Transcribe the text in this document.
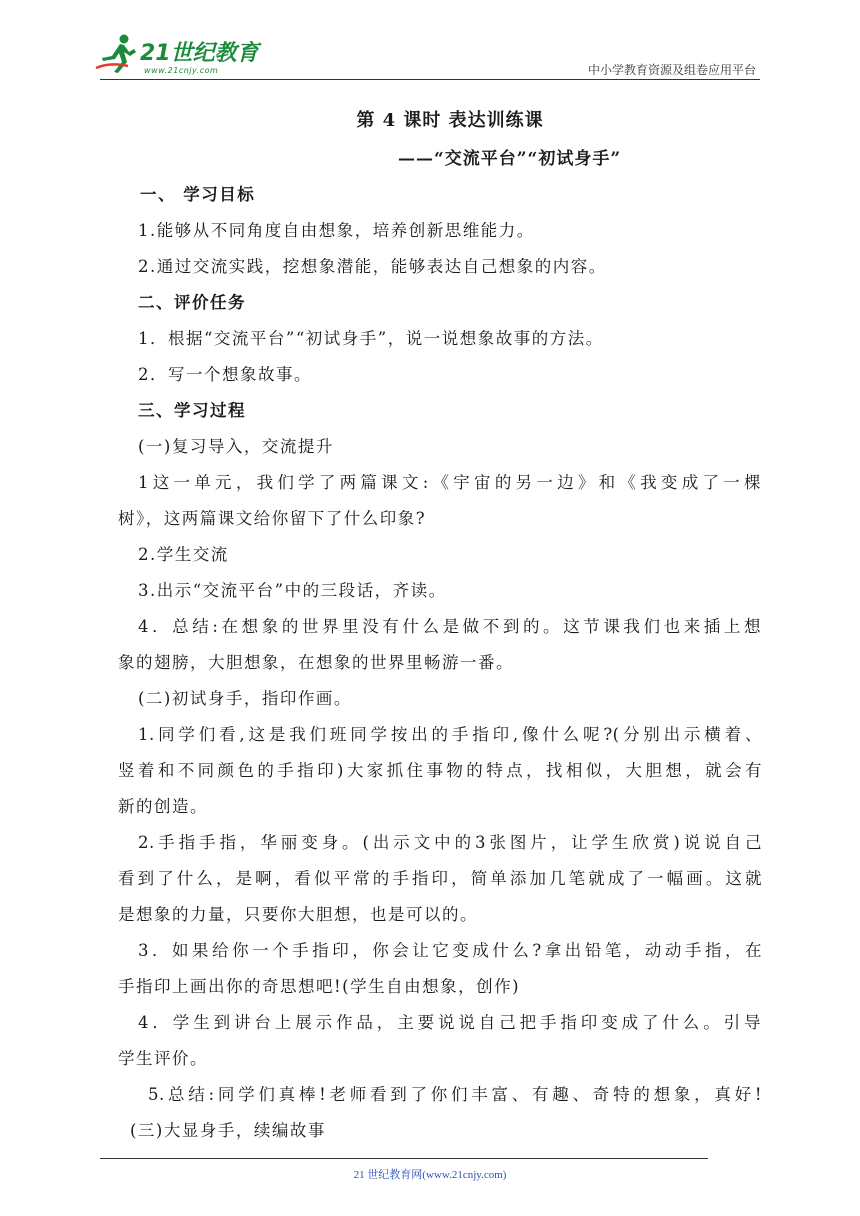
21世纪教育
www.21cnjy.com	中小学教育资源及组卷应用平台
第 4 课时 表达训练课
——“交流平台”“初试身手”
一、 学习目标
1.能够从不同角度自由想象，培养创新思维能力。
2.通过交流实践，挖想象潜能，能够表达自己想象的内容。
二、评价任务
1．根据“交流平台”“初试身手”，说一说想象故事的方法。
2．写一个想象故事。
三、学习过程
(一)复习导入，交流提升
1这一单元，我们学了两篇课文:《宇宙的另一边》和《我变成了一棵
树》，这两篇课文给你留下了什么印象?
2.学生交流
3.出示“交流平台”中的三段话，齐读。
4．总结:在想象的世界里没有什么是做不到的。这节课我们也来插上想
象的翅膀，大胆想象，在想象的世界里畅游一番。
(二)初试身手，指印作画。
1.同学们看,这是我们班同学按出的手指印,像什么呢?(分别出示横着、
竖着和不同颜色的手指印)大家抓住事物的特点，找相似，大胆想，就会有
新的创造。
2.手指手指，华丽变身。(出示文中的3张图片，让学生欣赏)说说自己
看到了什么，是啊，看似平常的手指印，简单添加几笔就成了一幅画。这就
是想象的力量，只要你大胆想，也是可以的。
3．如果给你一个手指印，你会让它变成什么?拿出铅笔，动动手指，在
手指印上画出你的奇思想吧!(学生自由想象，创作)
4．学生到讲台上展示作品，主要说说自己把手指印变成了什么。引导
学生评价。
5.总结:同学们真棒!老师看到了你们丰富、有趣、奇特的想象，真好!
(三)大显身手，续编故事
21 世纪教育网(www.21cnjy.com)
